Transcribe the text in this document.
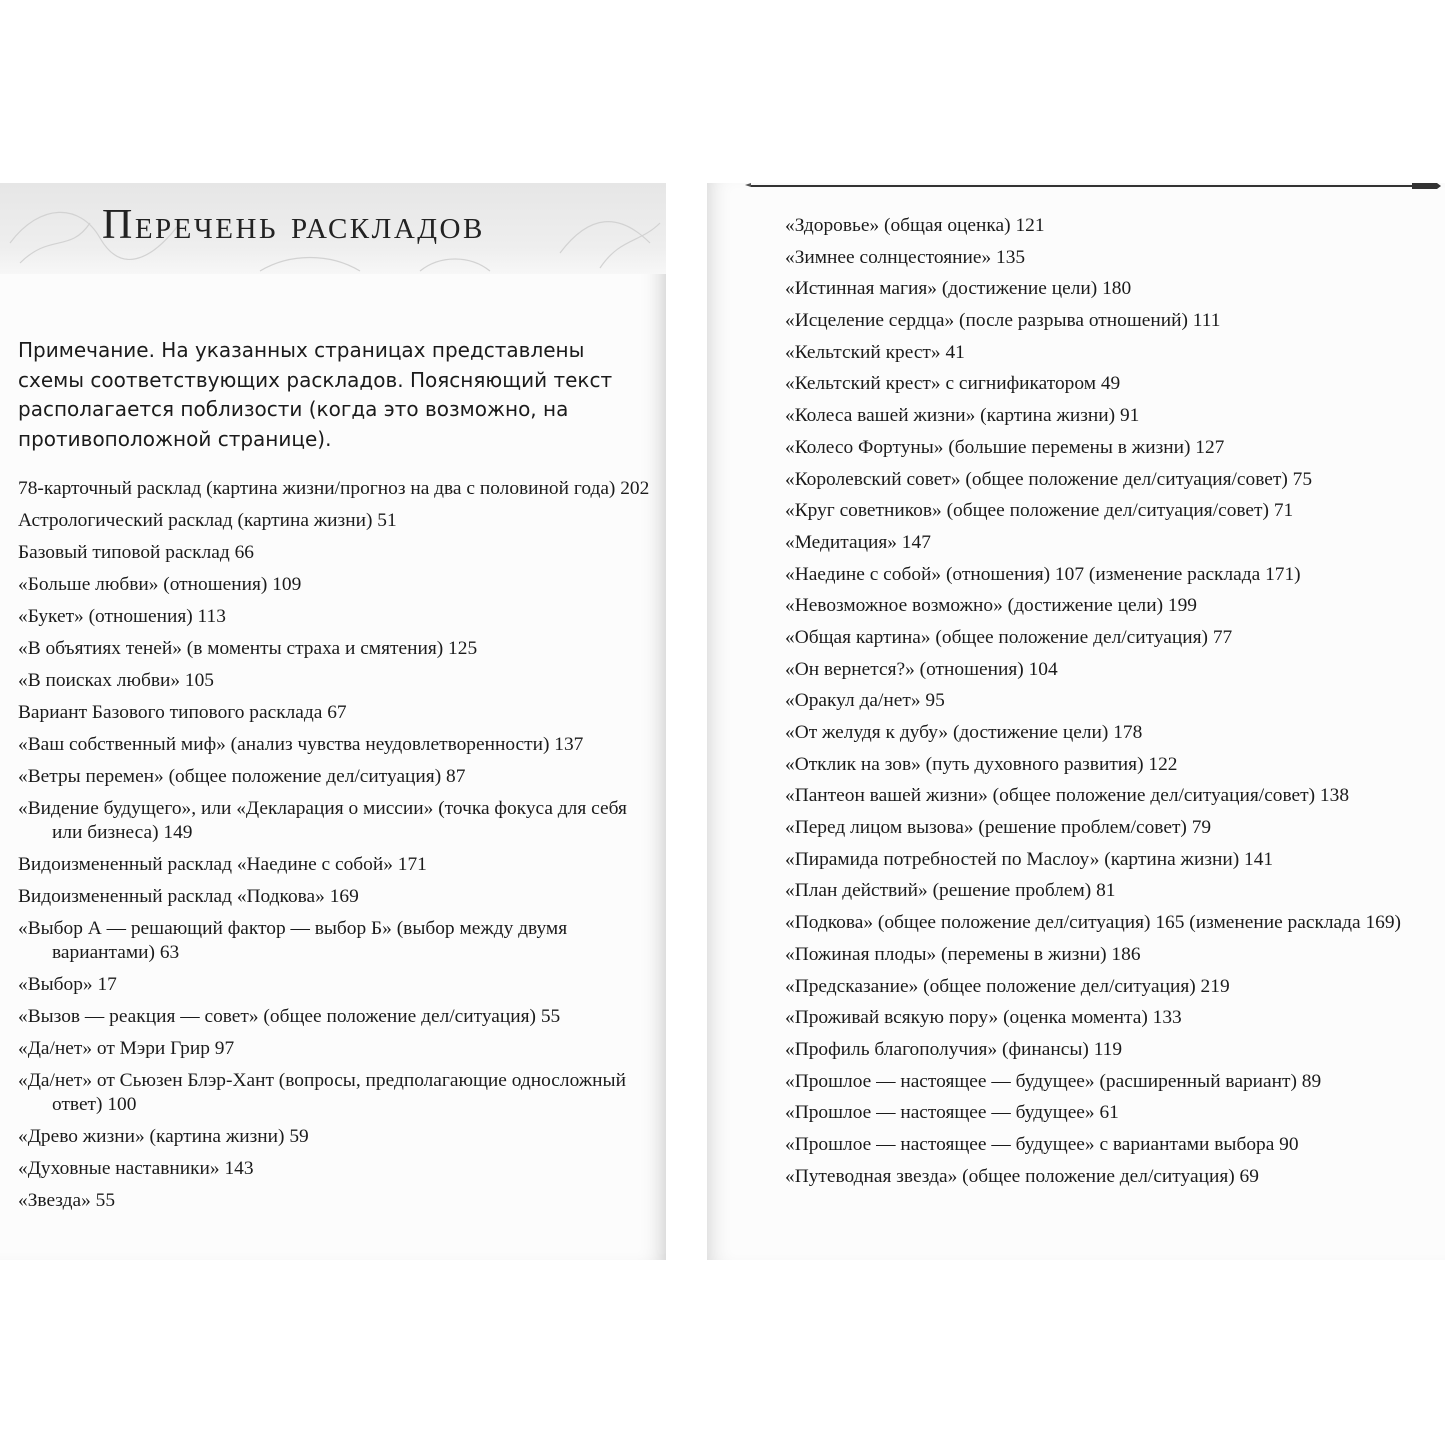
Перечень раскладов
Примечание. На указанных страницах представлены схемы соответствующих раскладов. Поясняющий текст располагается поблизости (когда это возможно, на противоположной странице).
78-карточный расклад (картина жизни/прогноз на два с половиной года) 202
Астрологический расклад (картина жизни) 51
Базовый типовой расклад 66
«Больше любви» (отношения) 109
«Букет» (отношения) 113
«В объятиях теней» (в моменты страха и смятения) 125
«В поисках любви» 105
Вариант Базового типового расклада 67
«Ваш собственный миф» (анализ чувства неудовлетворенности) 137
«Ветры перемен» (общее положение дел/ситуация) 87
«Видение будущего», или «Декларация о миссии» (точка фокуса для себя или бизнеса) 149
Видоизмененный расклад «Наедине с собой» 171
Видоизмененный расклад «Подкова» 169
«Выбор А — решающий фактор — выбор Б» (выбор между двумя вариантами) 63
«Выбор» 17
«Вызов — реакция — совет» (общее положение дел/ситуация) 55
«Да/нет» от Мэри Грир 97
«Да/нет» от Сьюзен Блэр-Хант (вопросы, предполагающие односложный ответ) 100
«Древо жизни» (картина жизни) 59
«Духовные наставники» 143
«Звезда» 55
«Здоровье» (общая оценка) 121
«Зимнее солнцестояние» 135
«Истинная магия» (достижение цели) 180
«Исцеление сердца» (после разрыва отношений) 111
«Кельтский крест» 41
«Кельтский крест» с сигнификатором 49
«Колеса вашей жизни» (картина жизни) 91
«Колесо Фортуны» (большие перемены в жизни) 127
«Королевский совет» (общее положение дел/ситуация/совет) 75
«Круг советников» (общее положение дел/ситуация/совет) 71
«Медитация» 147
«Наедине с собой» (отношения) 107 (изменение расклада 171)
«Невозможное возможно» (достижение цели) 199
«Общая картина» (общее положение дел/ситуация) 77
«Он вернется?» (отношения) 104
«Оракул да/нет» 95
«От желудя к дубу» (достижение цели) 178
«Отклик на зов» (путь духовного развития) 122
«Пантеон вашей жизни» (общее положение дел/ситуация/совет) 138
«Перед лицом вызова» (решение проблем/совет) 79
«Пирамида потребностей по Маслоу» (картина жизни) 141
«План действий» (решение проблем) 81
«Подкова» (общее положение дел/ситуация) 165 (изменение расклада 169)
«Пожиная плоды» (перемены в жизни) 186
«Предсказание» (общее положение дел/ситуация) 219
«Проживай всякую пору» (оценка момента) 133
«Профиль благополучия» (финансы) 119
«Прошлое — настоящее — будущее» (расширенный вариант) 89
«Прошлое — настоящее — будущее» 61
«Прошлое — настоящее — будущее» с вариантами выбора 90
«Путеводная звезда» (общее положение дел/ситуация) 69
